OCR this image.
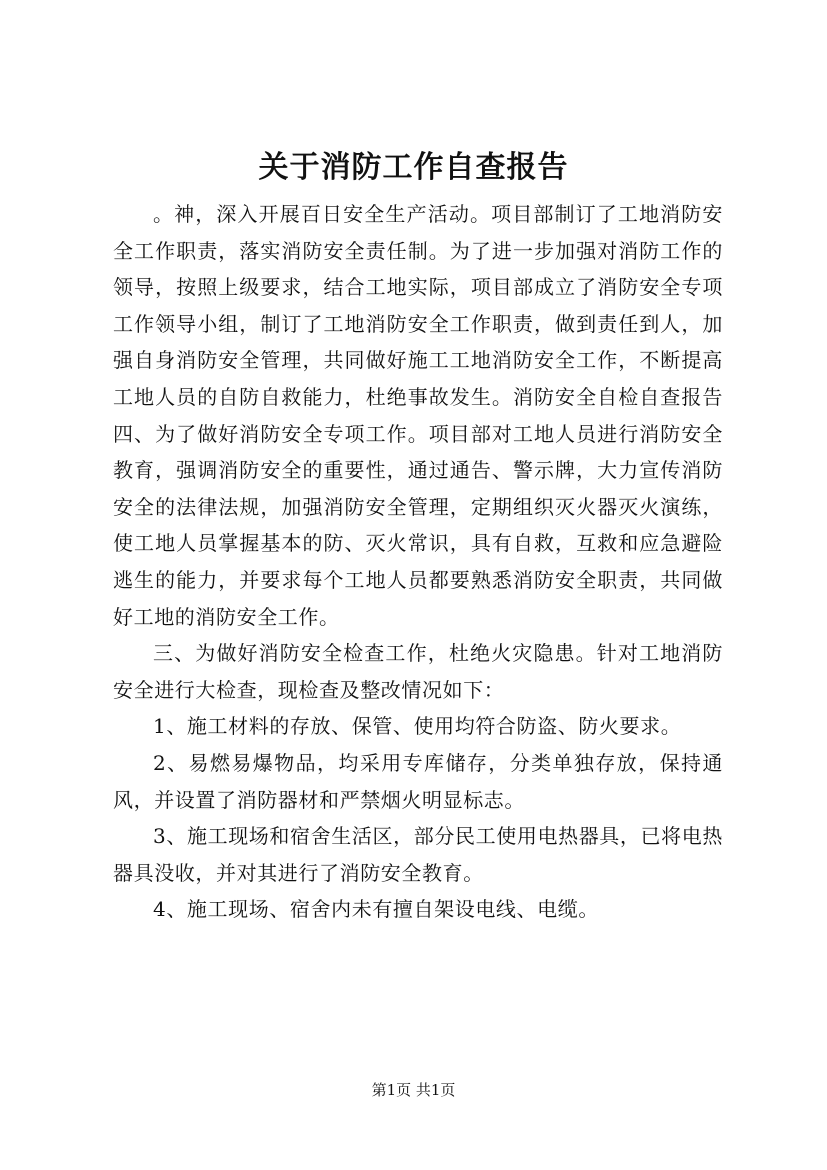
关于消防工作自查报告

。神，深入开展百日安全生产活动。项目部制订了工地消防安全工作职责，落实消防安全责任制。为了进一步加强对消防工作的领导，按照上级要求，结合工地实际，项目部成立了消防安全专项工作领导小组，制订了工地消防安全工作职责，做到责任到人，加强自身消防安全管理，共同做好施工工地消防安全工作，不断提高工地人员的自防自救能力，杜绝事故发生。消防安全自检自查报告四、为了做好消防安全专项工作。项目部对工地人员进行消防安全教育，强调消防安全的重要性，通过通告、警示牌，大力宣传消防安全的法律法规，加强消防安全管理，定期组织灭火器灭火演练，使工地人员掌握基本的防、灭火常识，具有自救，互救和应急避险逃生的能力，并要求每个工地人员都要熟悉消防安全职责，共同做好工地的消防安全工作。

三、为做好消防安全检查工作，杜绝火灾隐患。针对工地消防安全进行大检查，现检查及整改情况如下：

1、施工材料的存放、保管、使用均符合防盗、防火要求。

2、易燃易爆物品，均采用专库储存，分类单独存放，保持通风，并设置了消防器材和严禁烟火明显标志。

3、施工现场和宿舍生活区，部分民工使用电热器具，已将电热器具没收，并对其进行了消防安全教育。

4、施工现场、宿舍内未有擅自架设电线、电缆。

第1页 共1页
